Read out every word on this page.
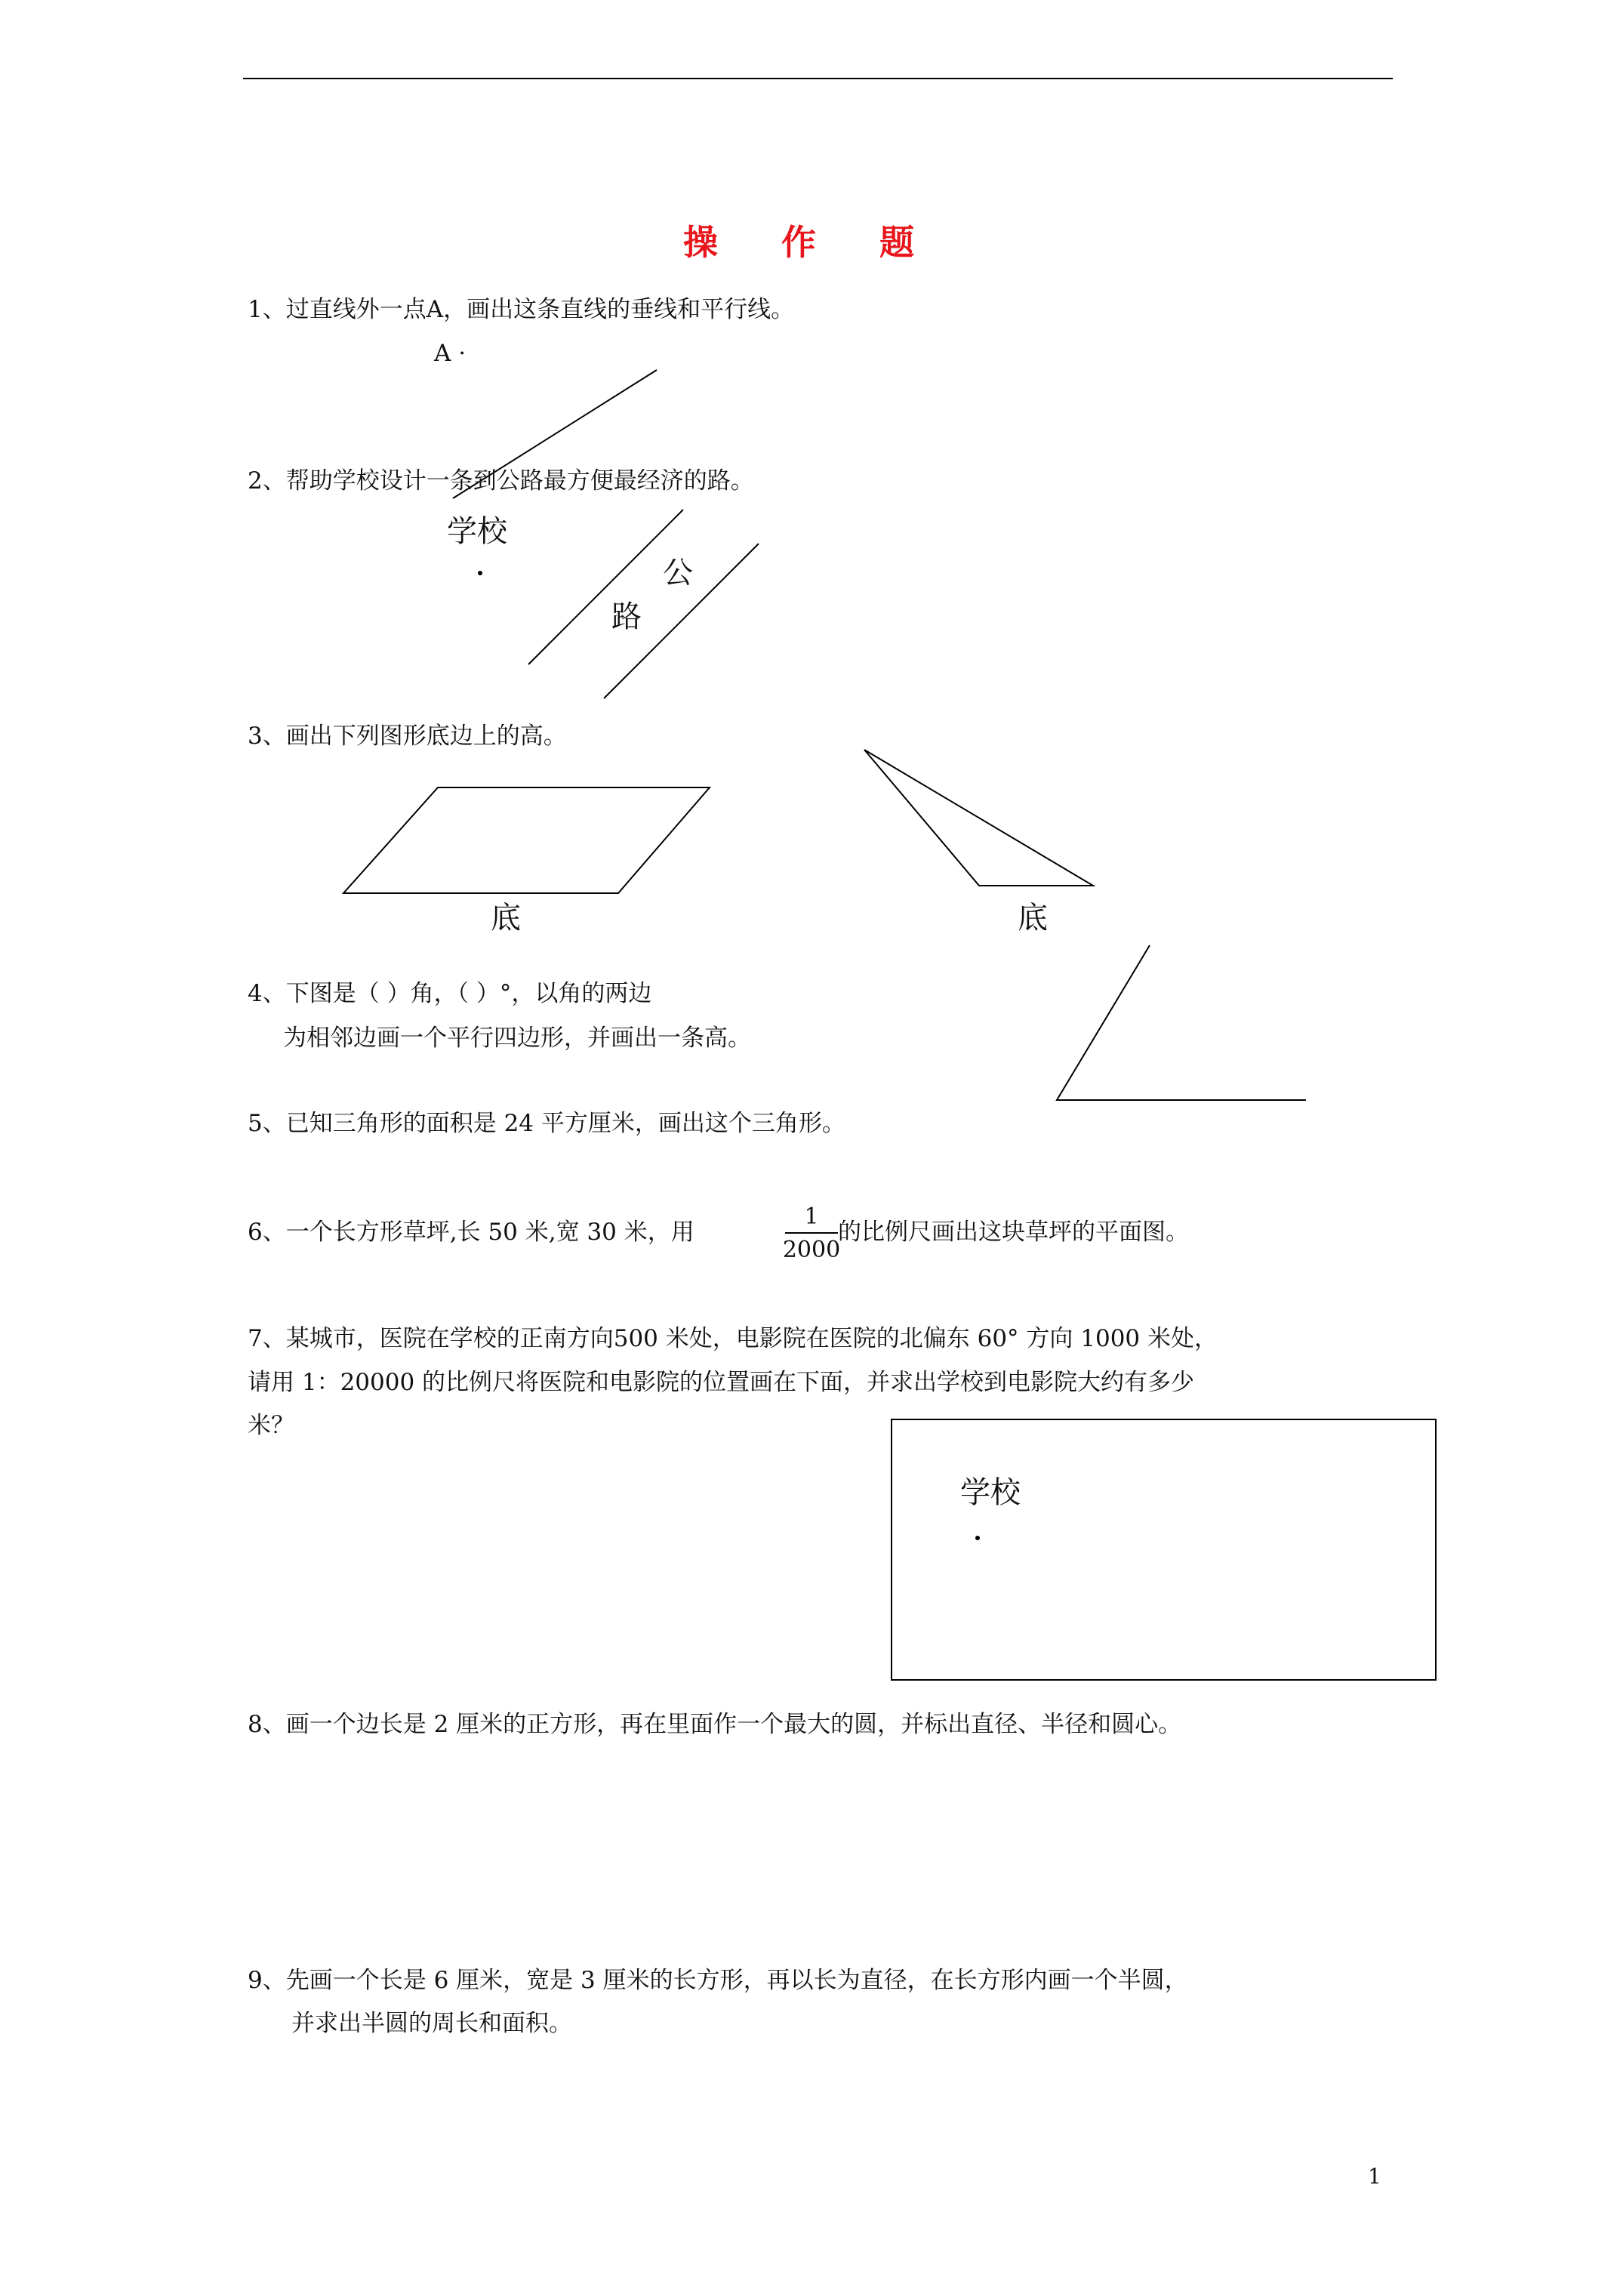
操 作 题
1、过直线外一点A，画出这条直线的垂线和平行线。
A ·
2、帮助学校设计一条到公路最方便最经济的路。
学校
公
路
3、画出下列图形底边上的高。
底	底
4、下图是（ ）角，（ ）°，以角的两边
为相邻边画一个平行四边形，并画出一条高。
5、已知三角形的面积是 24 平方厘米，画出这个三角形。
6、一个长方形草坪,长 50 米,宽 30 米，用
1
2000
的比例尺画出这块草坪的平面图。
7、某城市，医院在学校的正南方向500 米处，电影院在医院的北偏东 60° 方向 1000 米处，
请用 1：20000 的比例尺将医院和电影院的位置画在下面，并求出学校到电影院大约有多少
米？
学校
8、画一个边长是 2 厘米的正方形，再在里面作一个最大的圆，并标出直径、半径和圆心。
9、先画一个长是 6 厘米，宽是 3 厘米的长方形，再以长为直径，在长方形内画一个半圆，
并求出半圆的周长和面积。
1
